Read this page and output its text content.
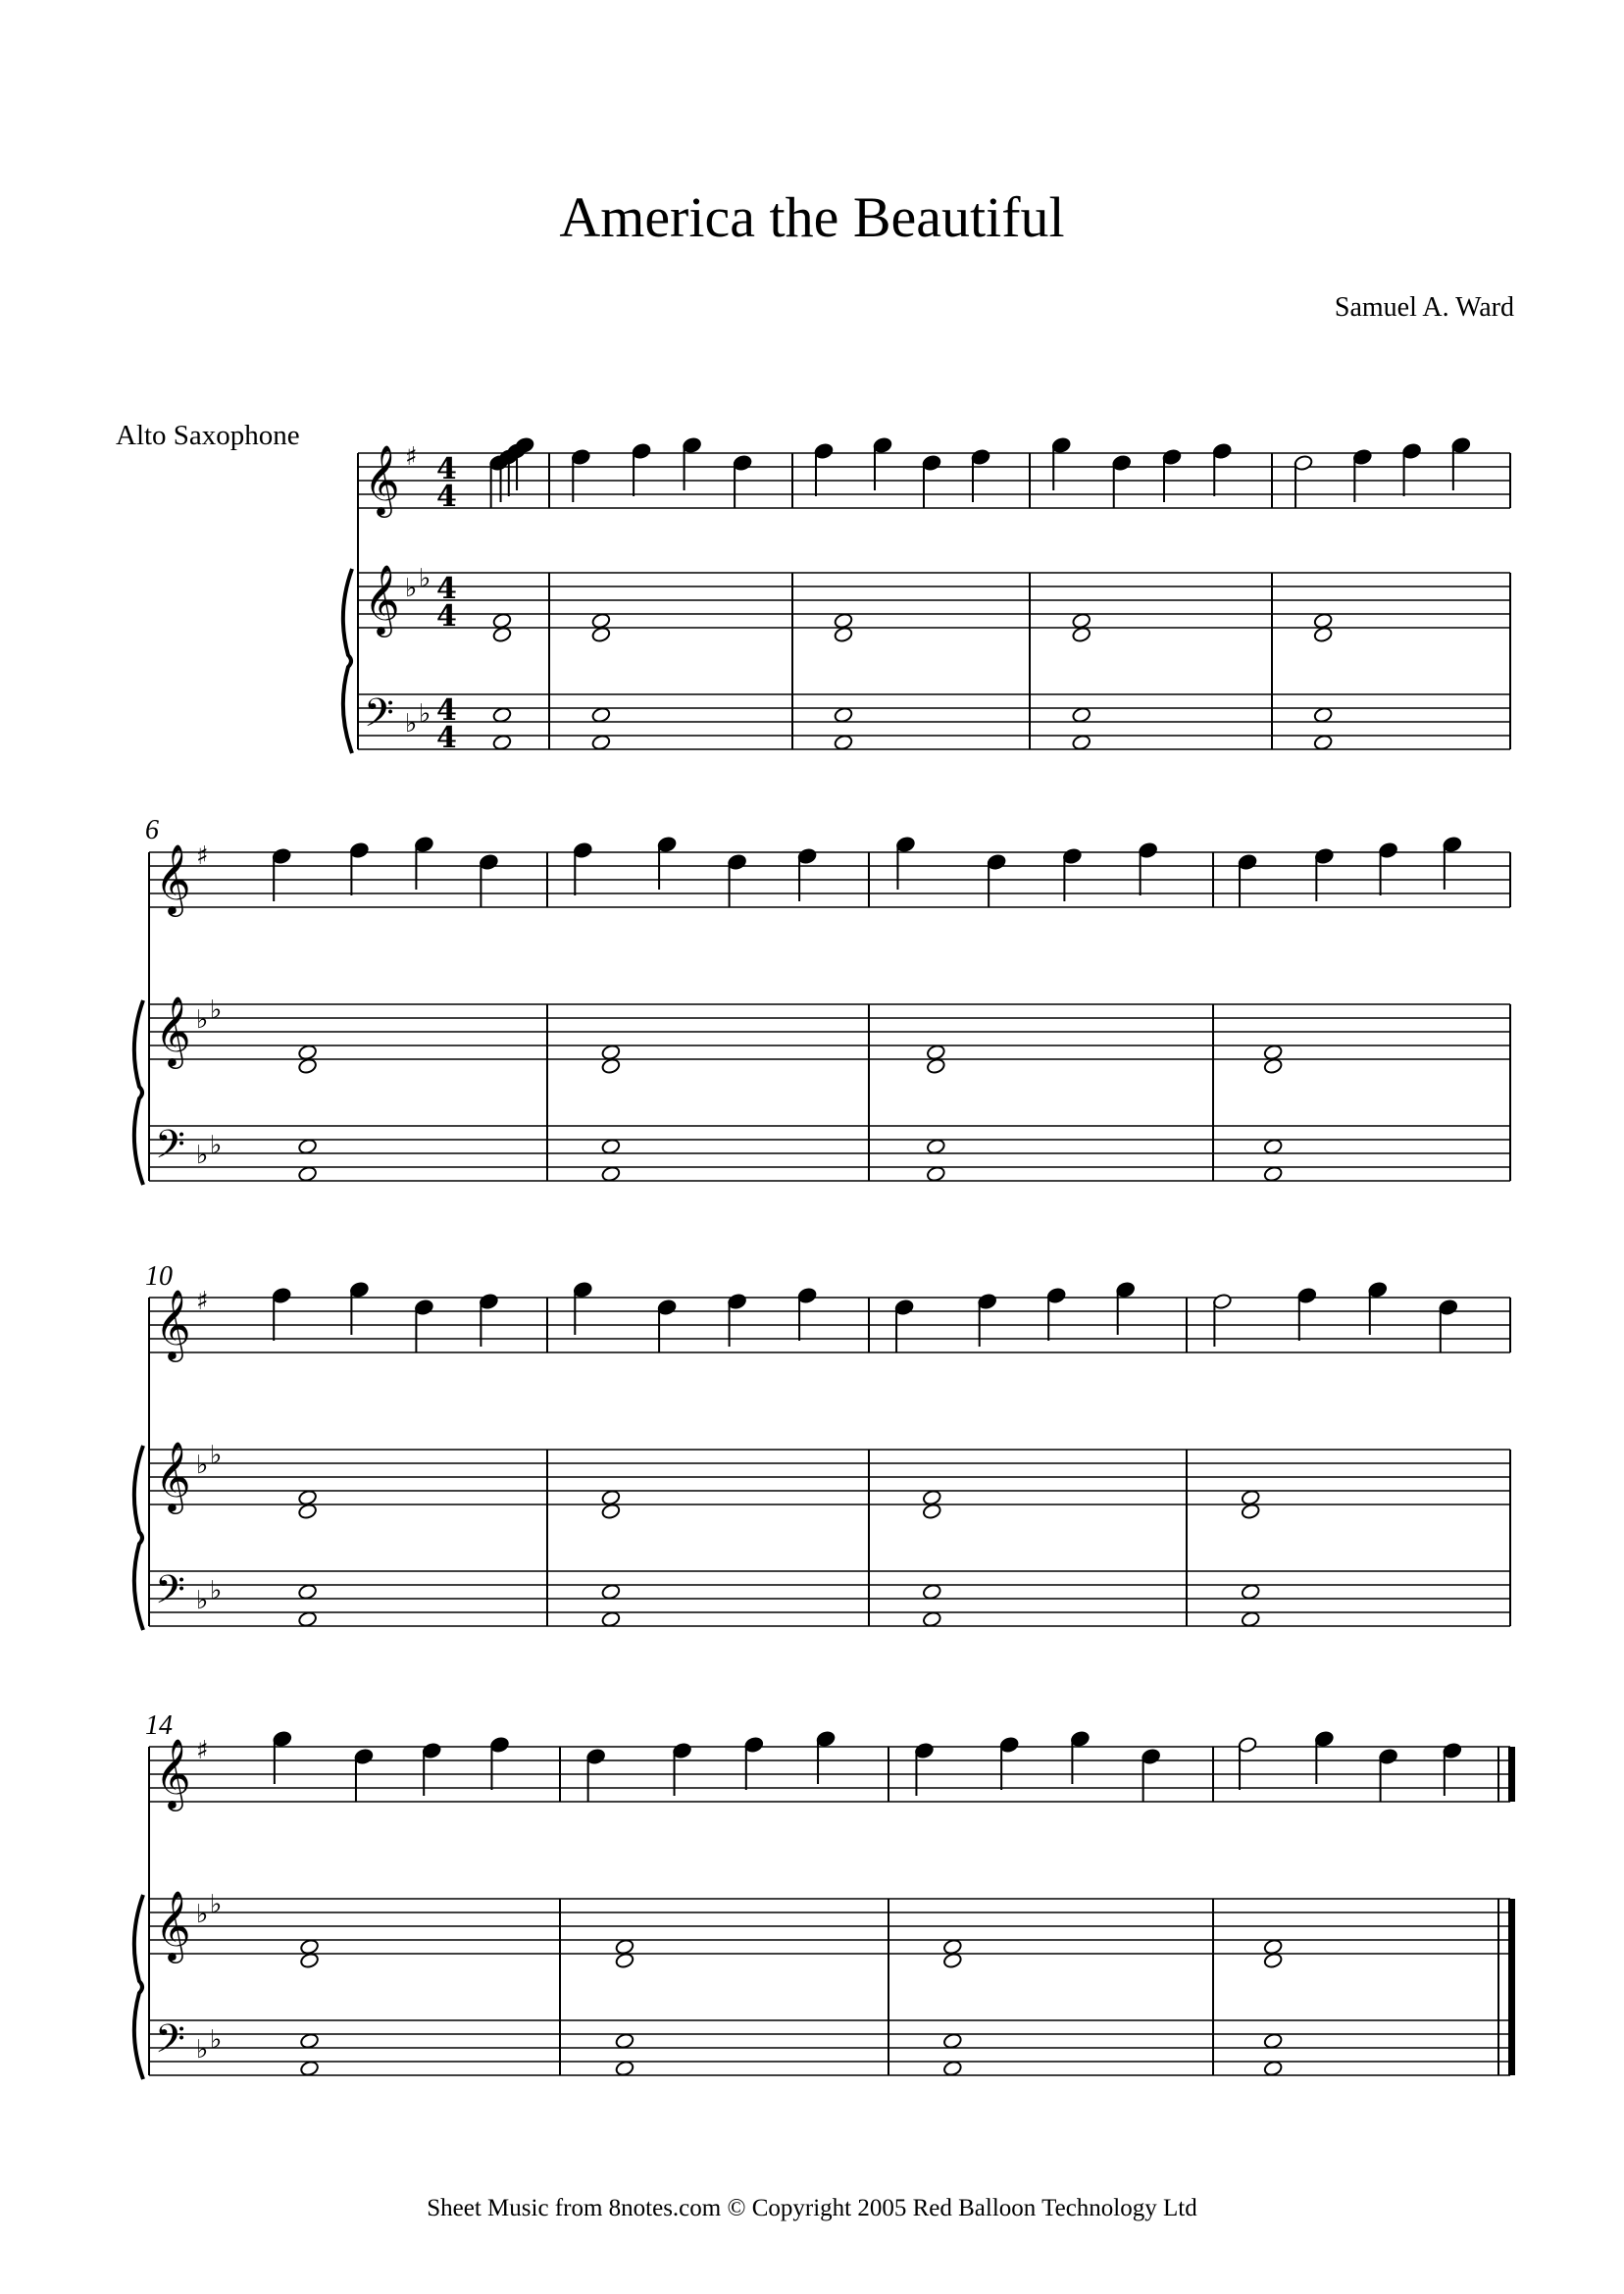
America the Beautiful
Samuel A. Ward
Alto Saxophone
𝄞
𝄞
𝄢
♯
♭ ♭
♭ ♭
4
4
4
4
4
4
𝄞
𝄞
𝄢
♯
♭ ♭
♭ ♭
6
𝄞
𝄞
𝄢
♯
♭ ♭
♭ ♭
10
𝄞
𝄞
𝄢
♯
♭ ♭
♭ ♭
14
Sheet Music from 8notes.com © Copyright 2005 Red Balloon Technology Ltd
